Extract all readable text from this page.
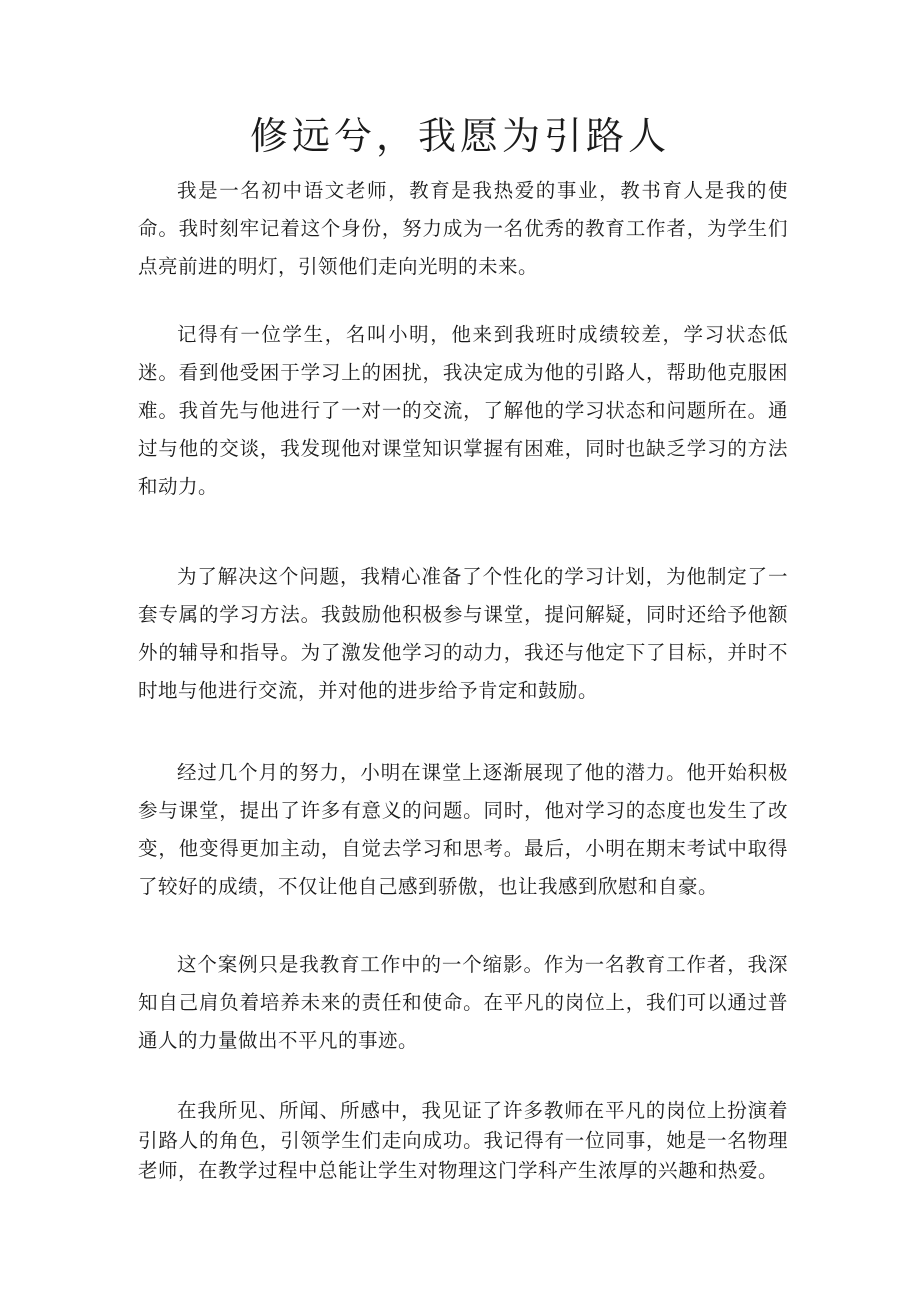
修远兮，我愿为引路人

我是一名初中语文老师，教育是我热爱的事业，教书育人是我的使命。我时刻牢记着这个身份，努力成为一名优秀的教育工作者，为学生们点亮前进的明灯，引领他们走向光明的未来。

记得有一位学生，名叫小明，他来到我班时成绩较差，学习状态低迷。看到他受困于学习上的困扰，我决定成为他的引路人，帮助他克服困难。我首先与他进行了一对一的交流，了解他的学习状态和问题所在。通过与他的交谈，我发现他对课堂知识掌握有困难，同时也缺乏学习的方法和动力。

为了解决这个问题，我精心准备了个性化的学习计划，为他制定了一套专属的学习方法。我鼓励他积极参与课堂，提问解疑，同时还给予他额外的辅导和指导。为了激发他学习的动力，我还与他定下了目标，并时不时地与他进行交流，并对他的进步给予肯定和鼓励。

经过几个月的努力，小明在课堂上逐渐展现了他的潜力。他开始积极参与课堂，提出了许多有意义的问题。同时，他对学习的态度也发生了改变，他变得更加主动，自觉去学习和思考。最后，小明在期末考试中取得了较好的成绩，不仅让他自己感到骄傲，也让我感到欣慰和自豪。

这个案例只是我教育工作中的一个缩影。作为一名教育工作者，我深知自己肩负着培养未来的责任和使命。在平凡的岗位上，我们可以通过普通人的力量做出不平凡的事迹。

在我所见、所闻、所感中，我见证了许多教师在平凡的岗位上扮演着引路人的角色，引领学生们走向成功。我记得有一位同事，她是一名物理老师，在教学过程中总能让学生对物理这门学科产生浓厚的兴趣和热爱。
